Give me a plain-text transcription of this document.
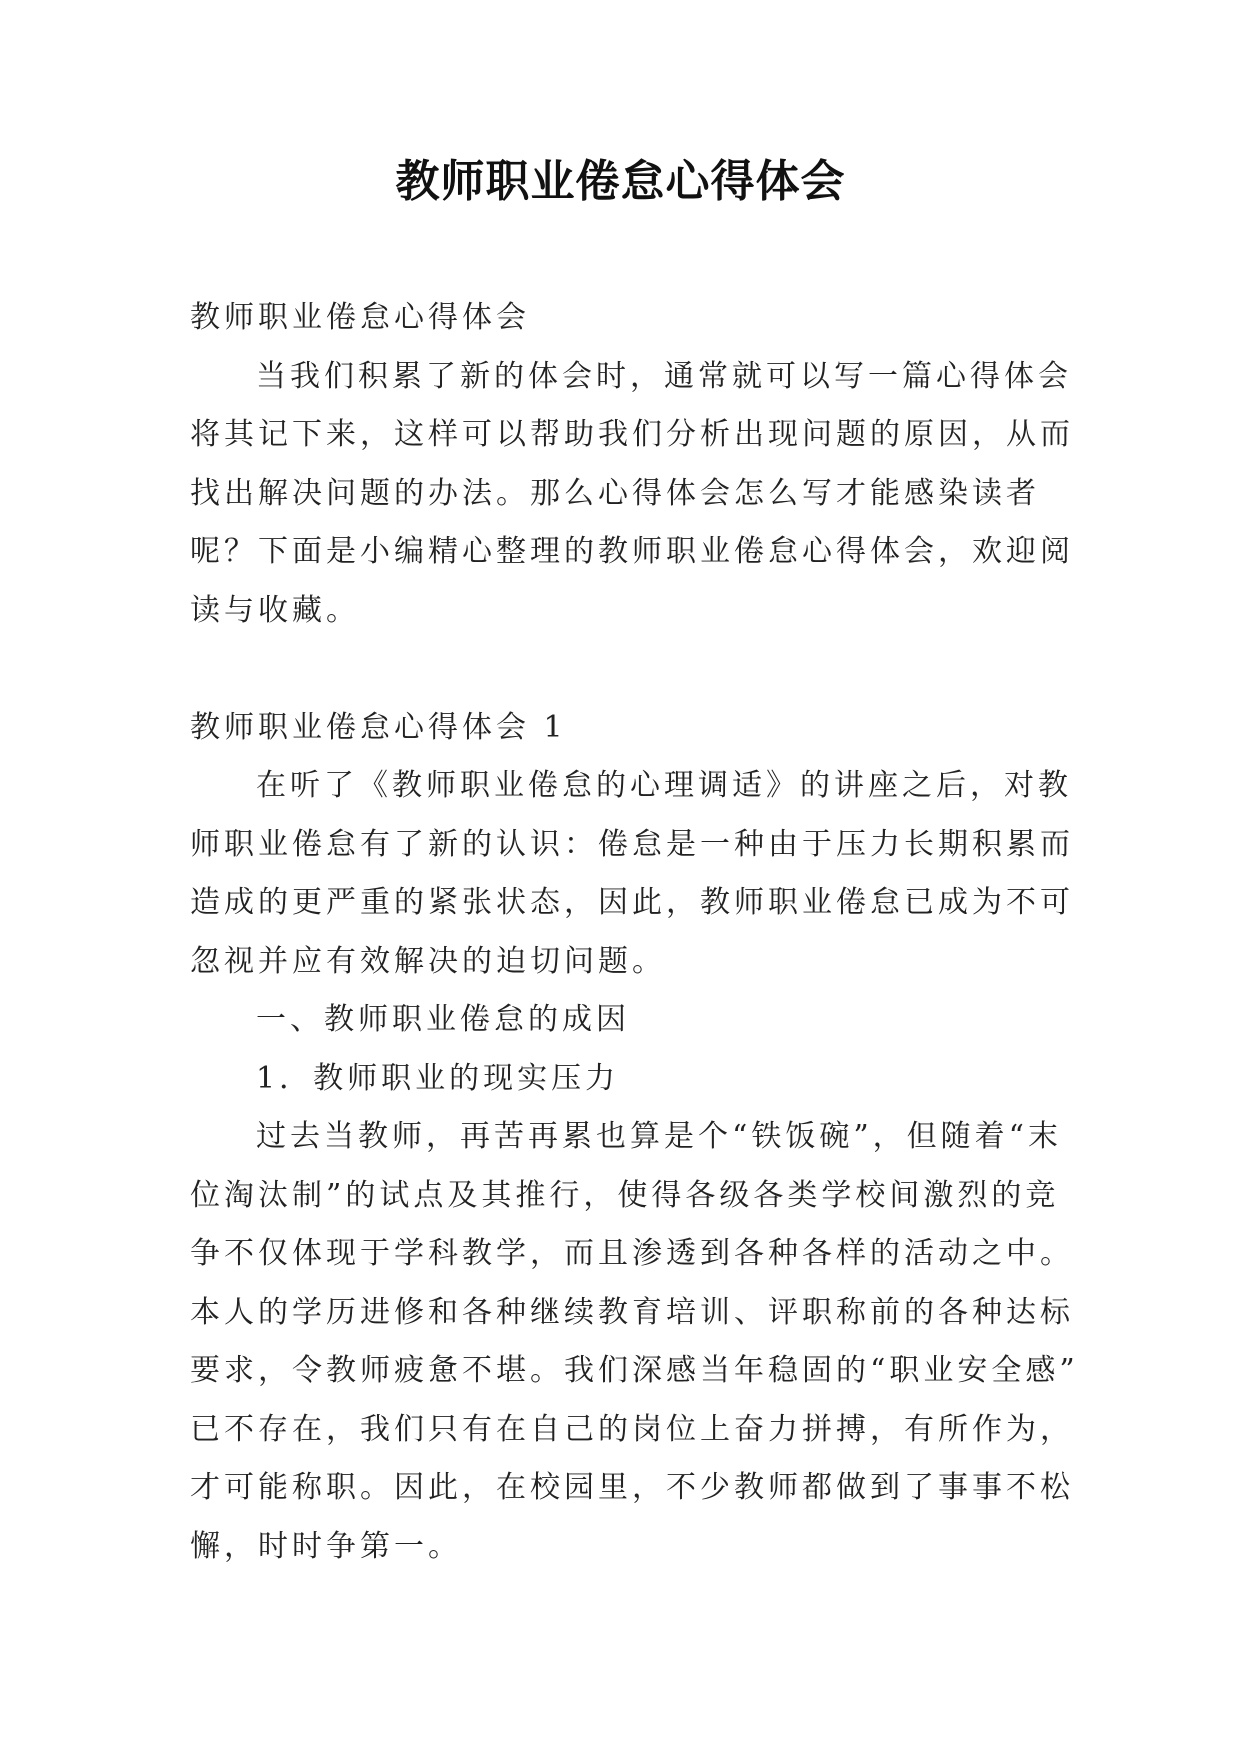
教师职业倦怠心得体会
教师职业倦怠心得体会
当我们积累了新的体会时，通常就可以写一篇心得体会
将其记下来，这样可以帮助我们分析出现问题的原因，从而
找出解决问题的办法。那么心得体会怎么写才能感染读者
呢？下面是小编精心整理的教师职业倦怠心得体会，欢迎阅
读与收藏。
教师职业倦怠心得体会 1
在听了《教师职业倦怠的心理调适》的讲座之后，对教
师职业倦怠有了新的认识：倦怠是一种由于压力长期积累而
造成的更严重的紧张状态，因此，教师职业倦怠已成为不可
忽视并应有效解决的迫切问题。
一、教师职业倦怠的成因
1．教师职业的现实压力
过去当教师，再苦再累也算是个“铁饭碗”，但随着“末
位淘汰制”的试点及其推行，使得各级各类学校间激烈的竞
争不仅体现于学科教学，而且渗透到各种各样的活动之中。
本人的学历进修和各种继续教育培训、评职称前的各种达标
要求，令教师疲惫不堪。我们深感当年稳固的“职业安全感”
已不存在，我们只有在自己的岗位上奋力拼搏，有所作为，
才可能称职。因此，在校园里，不少教师都做到了事事不松
懈，时时争第一。
